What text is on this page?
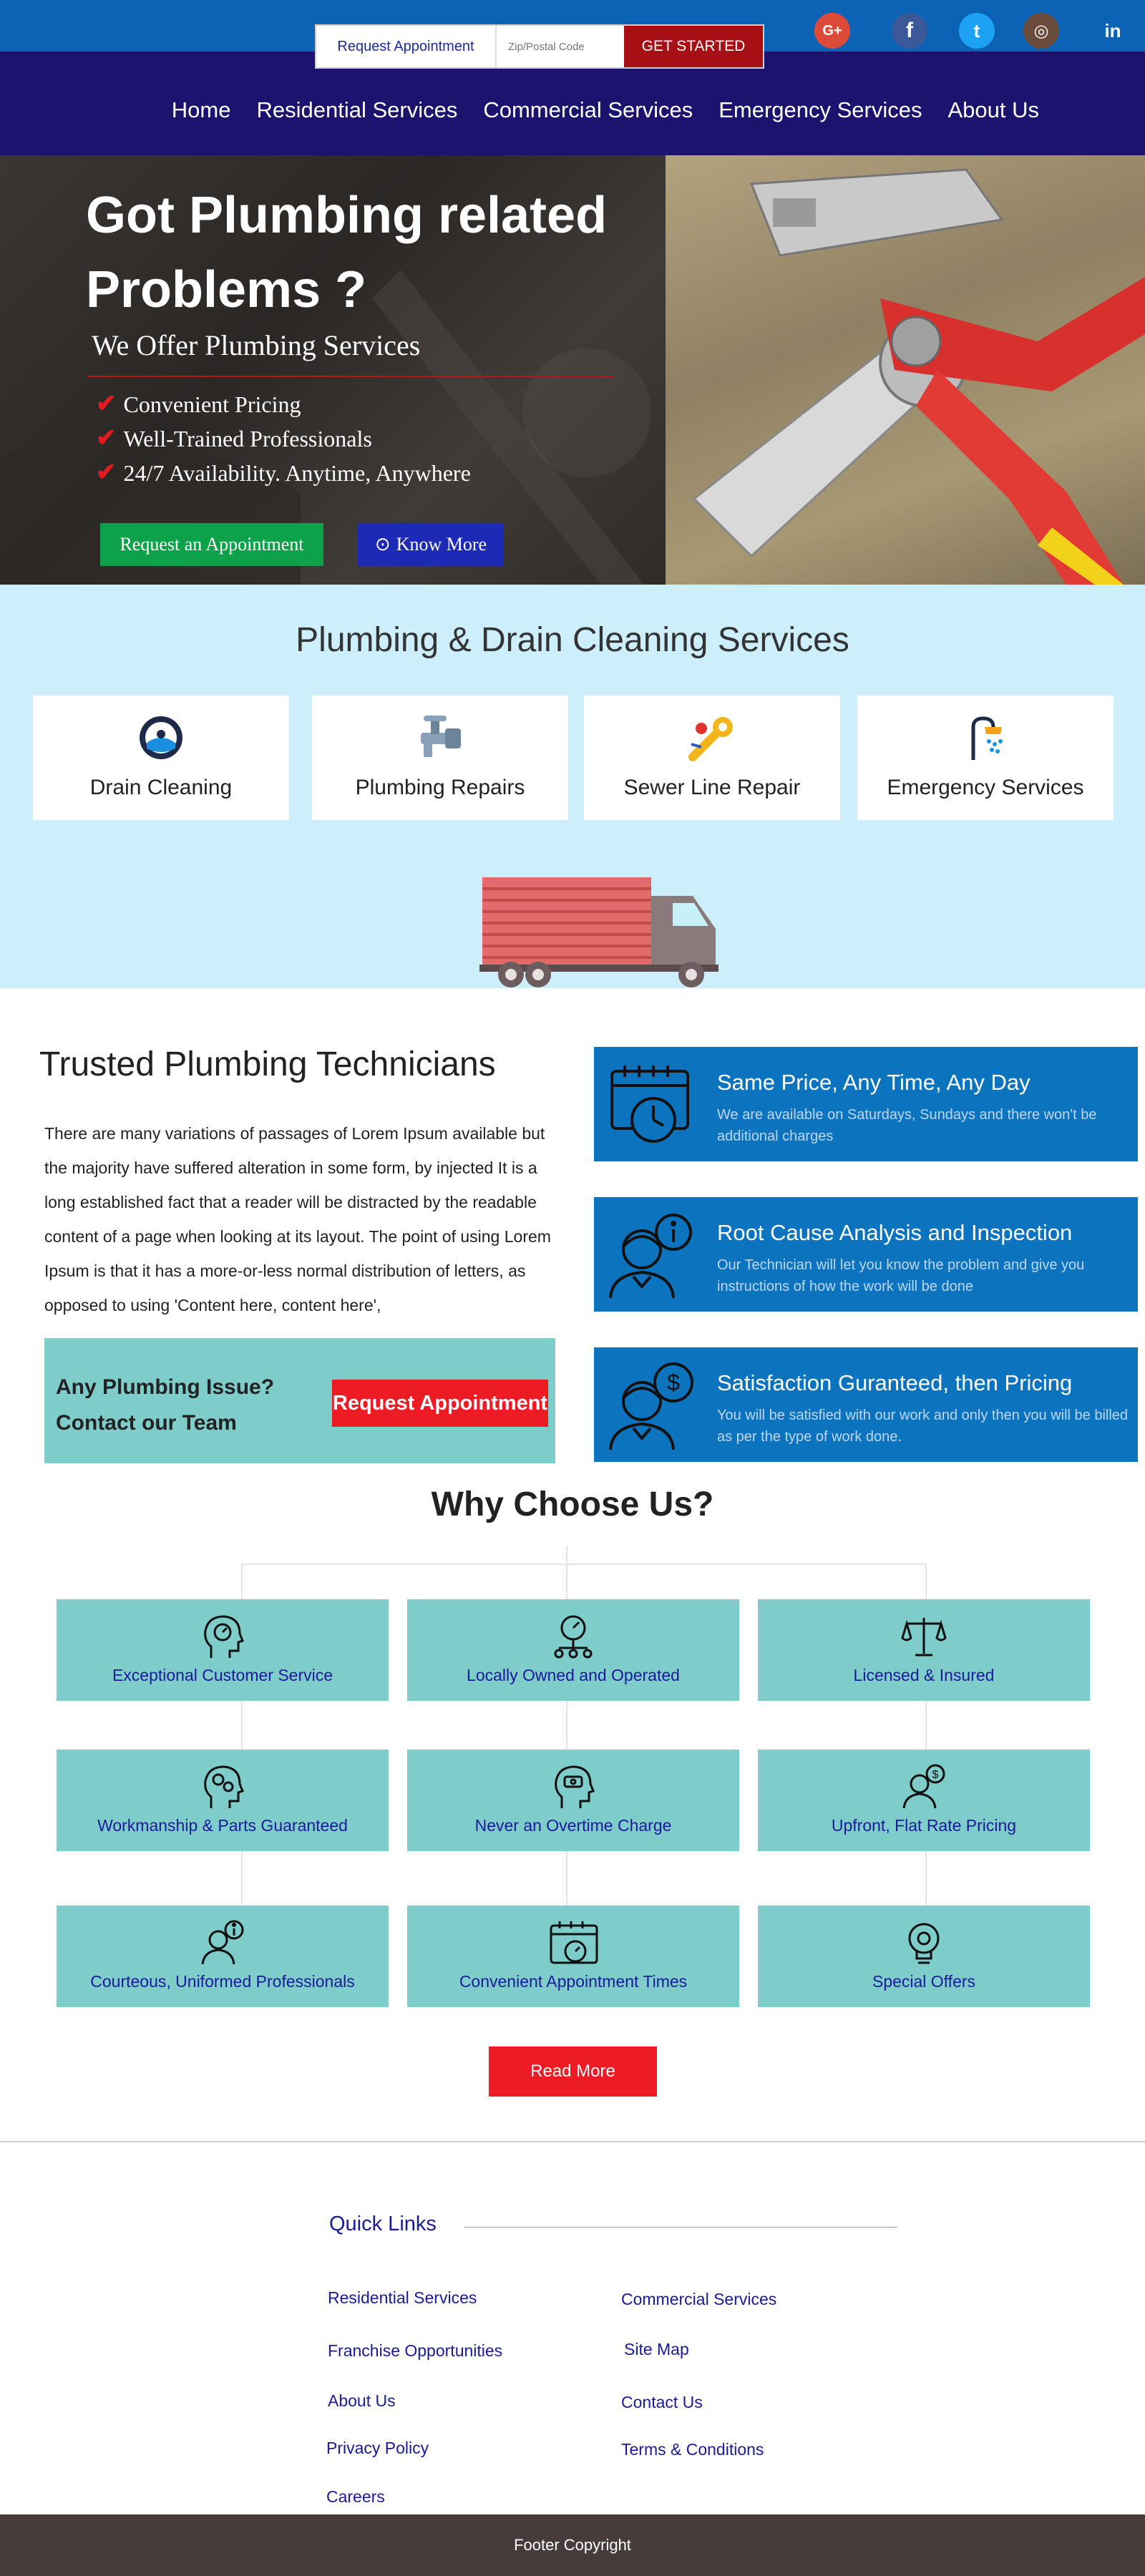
Request Appointment
Zip/Postal Code	GET STARTED
G+	f	t	◎	in
Home Residential Services Commercial Services Emergency Services About Us
Got Plumbing related Problems ?
We Offer Plumbing Services
✔ Convenient Pricing
✔ Well-Trained Professionals
✔ 24/7 Availability. Anytime, Anywhere
Request an Appointment	⊙ Know More
Plumbing & Drain Cleaning Services
Drain Cleaning	Plumbing Repairs	Sewer Line Repair	Emergency Services
Trusted Plumbing Technicians

There are many variations of passages of Lorem Ipsum available but the majority have suffered alteration in some form, by injected It is a long established fact that a reader will be distracted by the readable content of a page when looking at its layout. The point of using Lorem Ipsum is that it has a more-or-less normal distribution of letters, as opposed to using 'Content here, content here',

Any Plumbing Issue?
Contact our Team
Request Appointment
Same Price, Any Time, Any Day
We are available on Saturdays, Sundays and there won't be additional charges
Root Cause Analysis and Inspection
Our Technician will let you know the problem and give you instructions of how the work will be done
$ Satisfaction Guranteed, then Pricing
You will be satisfied with our work and only then you will be billed as per the type of work done.
Why Choose Us?
Exceptional Customer Service	Locally Owned and Operated	Licensed & Insured
Workmanship & Parts Guaranteed	Never an Overtime Charge
$
Upfront, Flat Rate Pricing
Courteous, Uniformed Professionals	Convenient Appointment Times	Special Offers
Read More
Quick Links
Residential Services	Commercial Services
Franchise Opportunities	Site Map
About Us	Contact Us
Privacy Policy	Terms & Conditions
Careers
Footer Copyright
